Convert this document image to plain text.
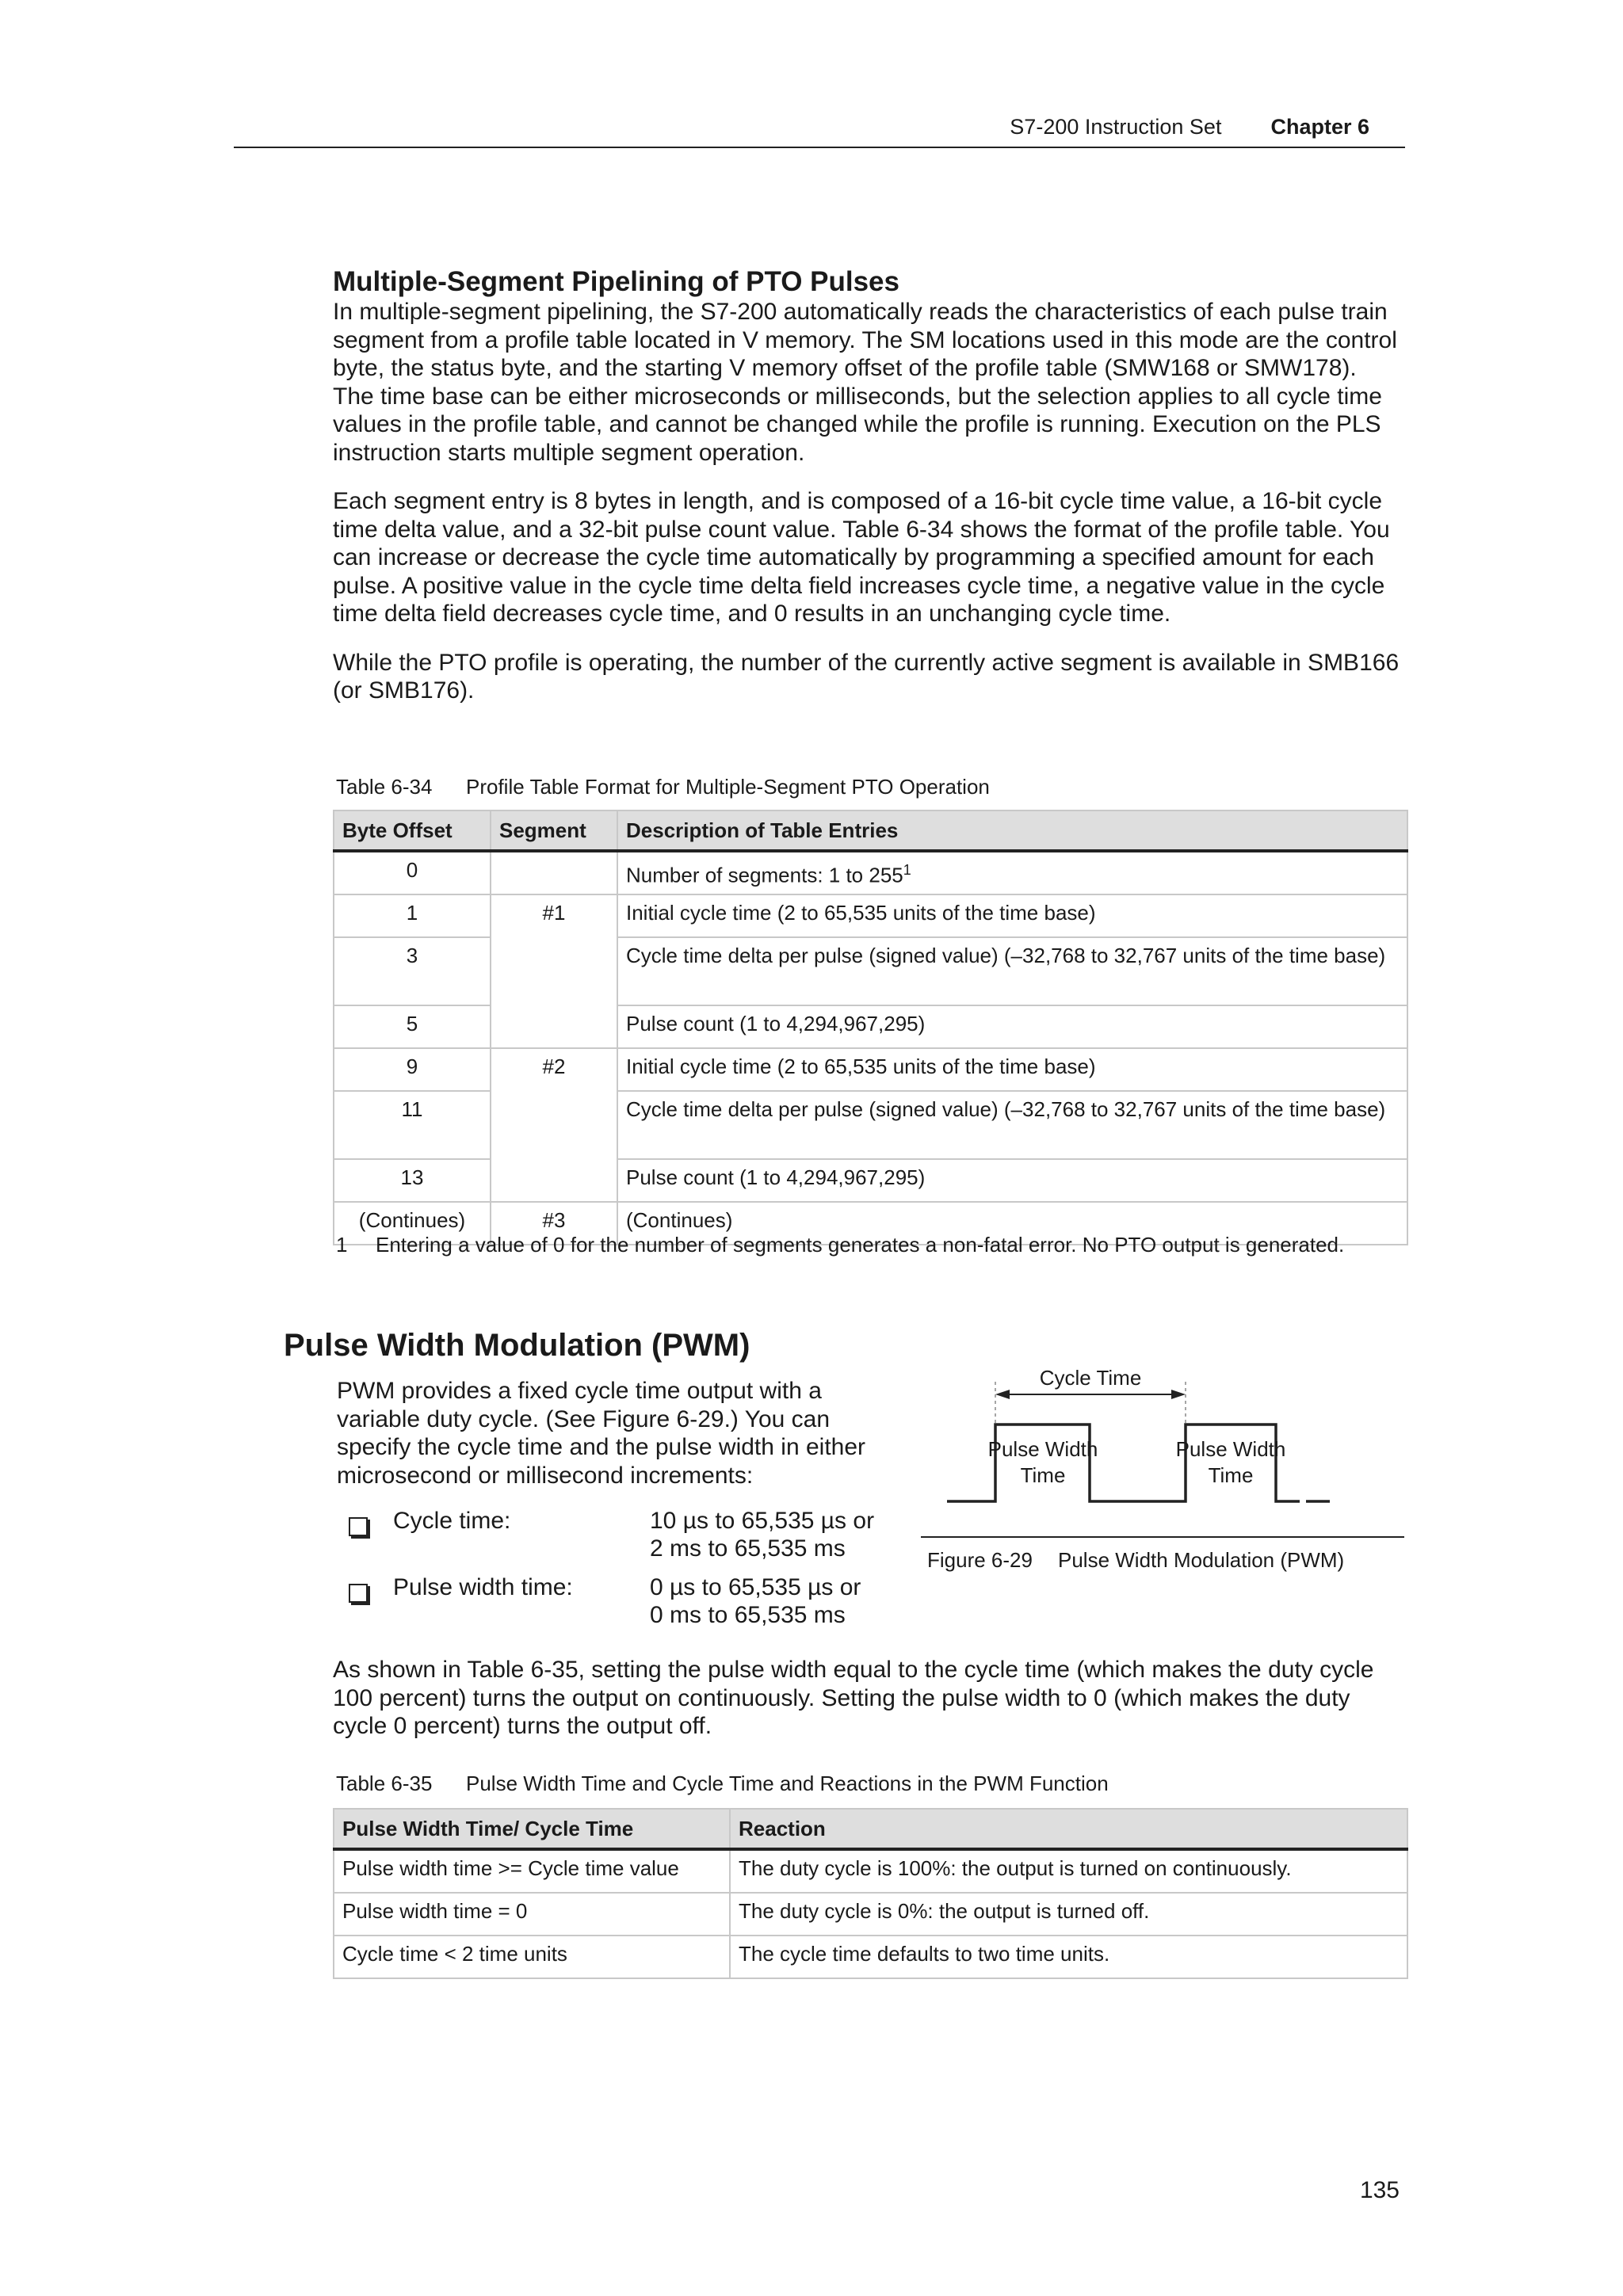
S7-200 Instruction Set Chapter 6
Multiple-Segment Pipelining of PTO Pulses

In multiple-segment pipelining, the S7-200 automatically reads the characteristics of each pulse train segment from a profile table located in V memory. The SM locations used in this mode are the control byte, the status byte, and the starting V memory offset of the profile table (SMW168 or SMW178). The time base can be either microseconds or milliseconds, but the selection applies to all cycle time values in the profile table, and cannot be changed while the profile is running. Execution on the PLS instruction starts multiple segment operation.

Each segment entry is 8 bytes in length, and is composed of a 16-bit cycle time value, a 16-bit cycle time delta value, and a 32-bit pulse count value. Table 6-34 shows the format of the profile table. You can increase or decrease the cycle time automatically by programming a specified amount for each pulse. A positive value in the cycle time delta field increases cycle time, a negative value in the cycle time delta field decreases cycle time, and 0 results in an unchanging cycle time.

While the PTO profile is operating, the number of the currently active segment is available in SMB166 (or SMB176).

Table 6-34 Profile Table Format for Multiple-Segment PTO Operation
Byte Offset	Segment	Description of Table Entries
0		Number of segments: 1 to $255^1$
1	#1	Initial cycle time (2 to 65,535 units of the time base)
3		Cycle time delta per pulse (signed value) (–32,768 to 32,767 units of the time base)
5		Pulse count (1 to 4,294,967,295)
9	#2	Initial cycle time (2 to 65,535 units of the time base)
11		Cycle time delta per pulse (signed value) (–32,768 to 32,767 units of the time base)
13		Pulse count (1 to 4,294,967,295)
(Continues)	#3	(Continues)
1 Entering a value of 0 for the number of segments generates a non-fatal error. No PTO output is generated.
Pulse Width Modulation (PWM)

PWM provides a fixed cycle time output with a variable duty cycle. (See Figure 6-29.) You can specify the cycle time and the pulse width in either microsecond or millisecond increments:

Cycle time:	10 µs to 65,535 µs or
2 ms to 65,535 ms
Pulse width time:	0 µs to 65,535 µs or
0 ms to 65,535 ms
Cycle Time
Pulse Width
Time
Pulse Width
Time
Figure 6-29 Pulse Width Modulation (PWM)

As shown in Table 6-35, setting the pulse width equal to the cycle time (which makes the duty cycle 100 percent) turns the output on continuously. Setting the pulse width to 0 (which makes the duty cycle 0 percent) turns the output off.

Table 6-35 Pulse Width Time and Cycle Time and Reactions in the PWM Function
Pulse Width Time/ Cycle Time	Reaction
Pulse width time >= Cycle time value	The duty cycle is 100%: the output is turned on continuously.
Pulse width time = 0	The duty cycle is 0%: the output is turned off.
Cycle time < 2 time units	The cycle time defaults to two time units.
135
